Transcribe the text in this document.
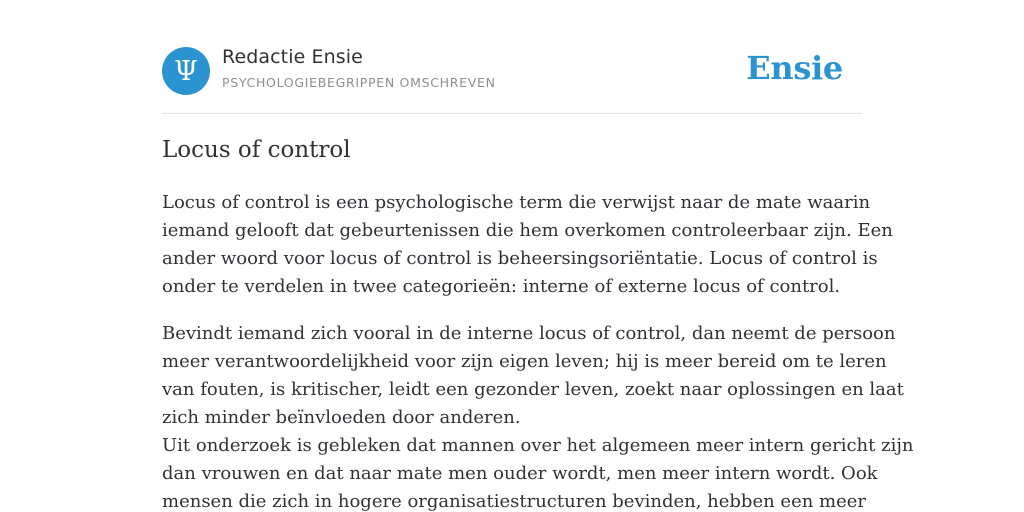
Ψ	Redactie Ensie
PSYCHOLOGIEBEGRIPPEN OMSCHREVEN	Ensie
Locus of control

Locus of control is een psychologische term die verwijst naar de mate waarin
iemand gelooft dat gebeurtenissen die hem overkomen controleerbaar zijn. Een
ander woord voor locus of control is beheersingsoriëntatie. Locus of control is
onder te verdelen in twee categorieën: interne of externe locus of control.

Bevindt iemand zich vooral in de interne locus of control, dan neemt de persoon
meer verantwoordelijkheid voor zijn eigen leven; hij is meer bereid om te leren
van fouten, is kritischer, leidt een gezonder leven, zoekt naar oplossingen en laat
zich minder beïnvloeden door anderen.
Uit onderzoek is gebleken dat mannen over het algemeen meer intern gericht zijn
dan vrouwen en dat naar mate men ouder wordt, men meer intern wordt. Ook
mensen die zich in hogere organisatiestructuren bevinden, hebben een meer
